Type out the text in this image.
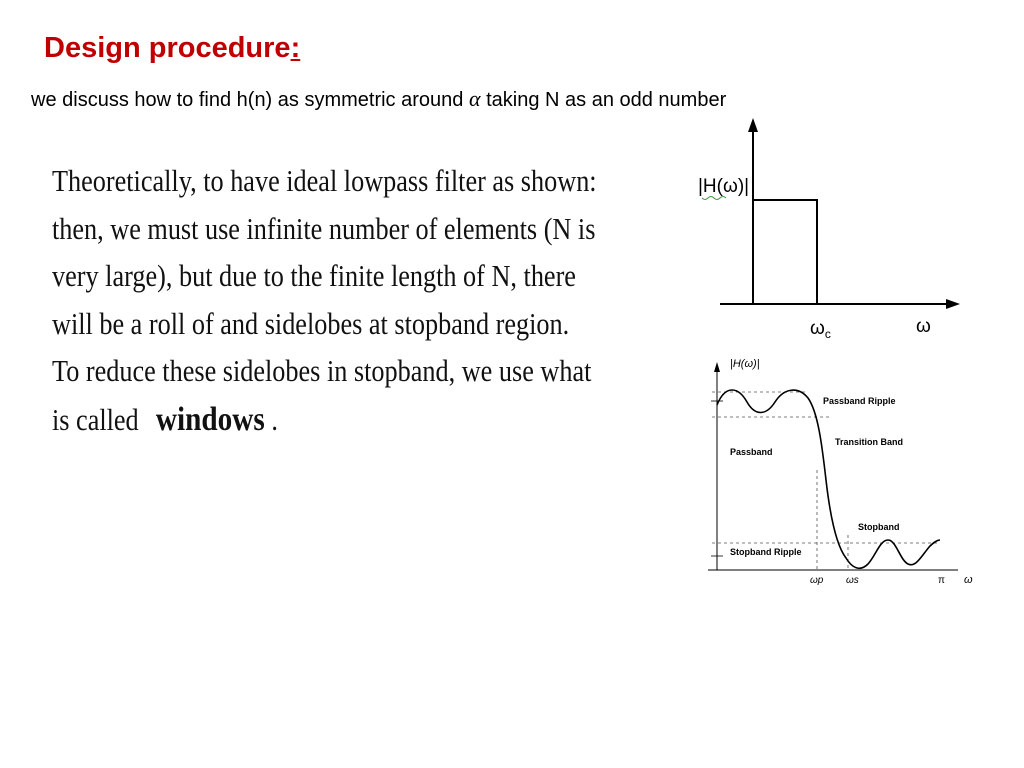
Design procedure:
we discuss how to find h(n) as symmetric around α taking N as an odd number
Theoretically, to have ideal lowpass filter as shown:
then, we must use infinite number of elements (N is
very large), but due to the finite length of N, there
will be a roll of and sidelobes at stopband region.
To reduce these sidelobes in stopband, we use what
is called windows .
|H(ω)|
$\omega_c$	ω
|H(ω)|
Passband Ripple
Transition Band
Passband
Stopband
Stopband Ripple
ωp ωs	π ω
